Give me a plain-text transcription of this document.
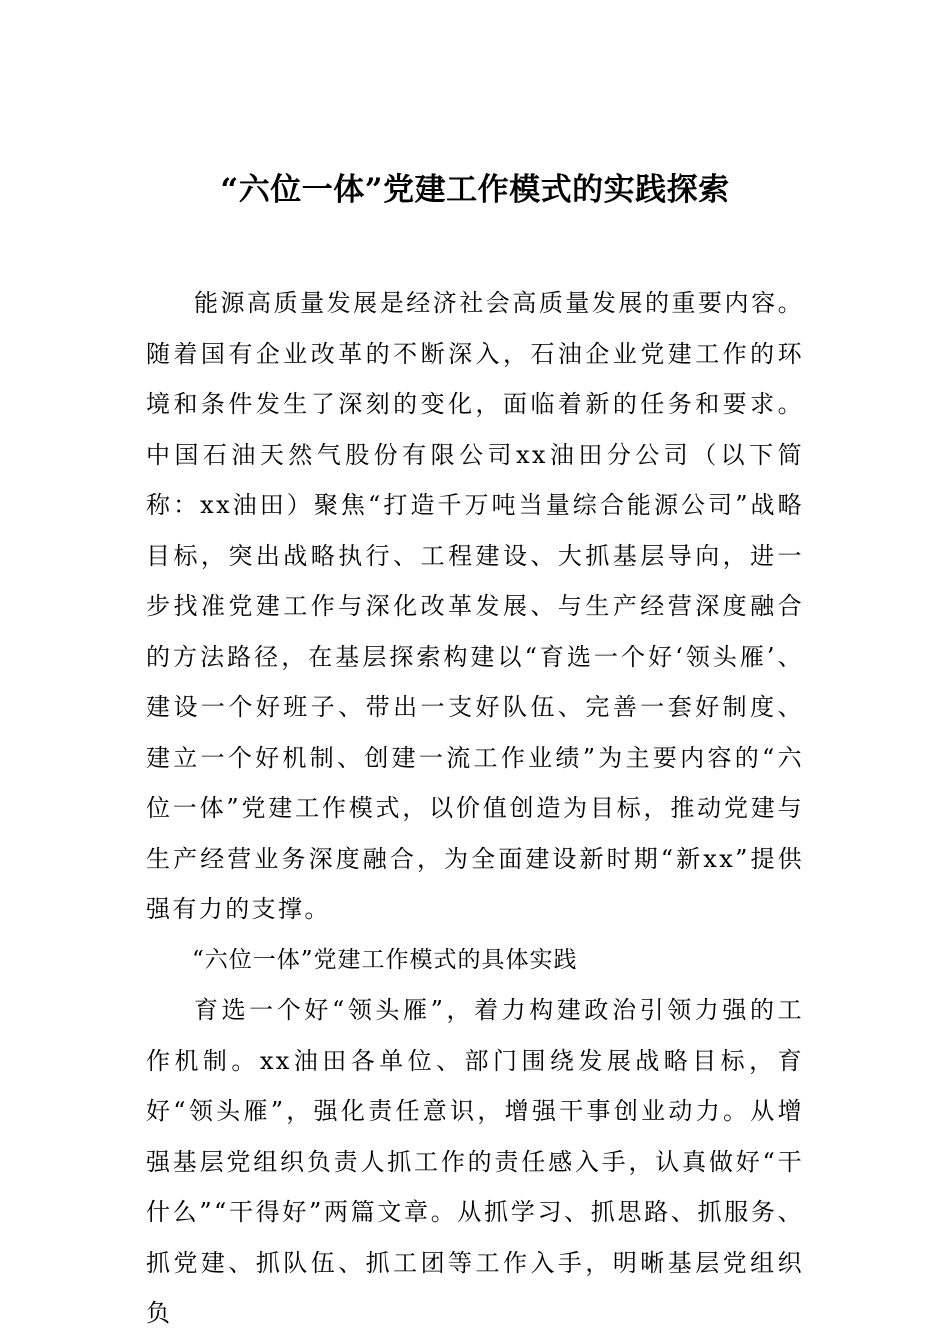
“六位一体”党建工作模式的实践探索

能源高质量发展是经济社会高质量发展的重要内容。随着国有企业改革的不断深入，石油企业党建工作的环境和条件发生了深刻的变化，面临着新的任务和要求。中国石油天然气股份有限公司xx油田分公司（以下简称：xx油田）聚焦“打造千万吨当量综合能源公司”战略目标，突出战略执行、工程建设、大抓基层导向，进一步找准党建工作与深化改革发展、与生产经营深度融合的方法路径，在基层探索构建以“育选一个好‘领头雁’、建设一个好班子、带出一支好队伍、完善一套好制度、建立一个好机制、创建一流工作业绩”为主要内容的“六位一体”党建工作模式，以价值创造为目标，推动党建与生产经营业务深度融合，为全面建设新时期“新xx”提供强有力的支撑。

“六位一体”党建工作模式的具体实践

育选一个好“领头雁”，着力构建政治引领力强的工作机制。xx油田各单位、部门围绕发展战略目标，育好“领头雁”，强化责任意识，增强干事创业动力。从增强基层党组织负责人抓工作的责任感入手，认真做好“干什么”“干得好”两篇文章。从抓学习、抓思路、抓服务、抓党建、抓队伍、抓工团等工作入手，明晰基层党组织负
